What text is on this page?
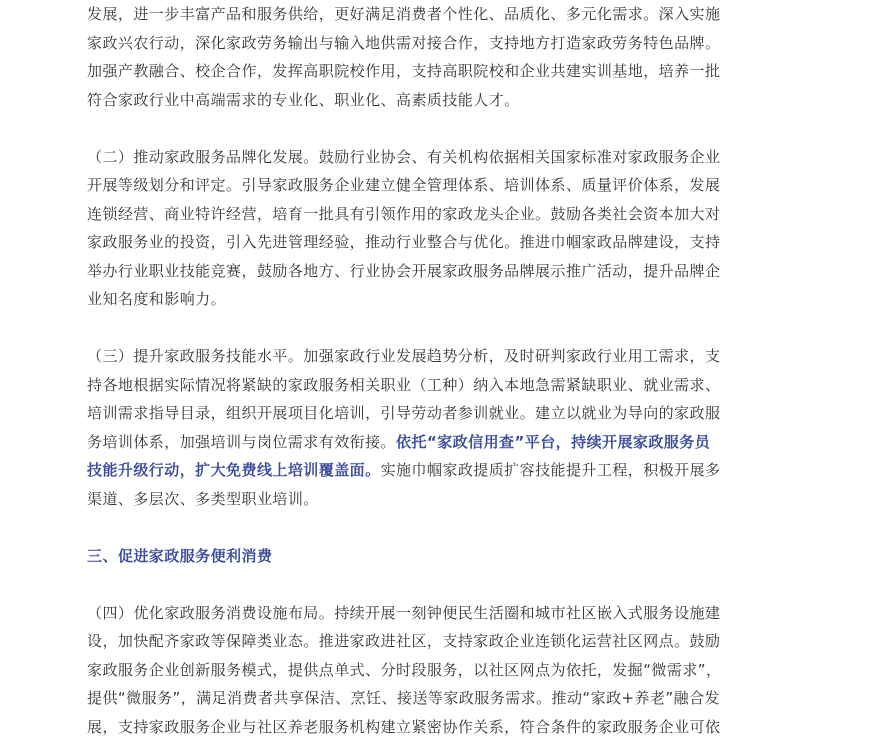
发展，进一步丰富产品和服务供给，更好满足消费者个性化、品质化、多元化需求。深入实施
家政兴农行动，深化家政劳务输出与输入地供需对接合作，支持地方打造家政劳务特色品牌。
加强产教融合、校企合作，发挥高职院校作用，支持高职院校和企业共建实训基地，培养一批
符合家政行业中高端需求的专业化、职业化、高素质技能人才。

（二）推动家政服务品牌化发展。鼓励行业协会、有关机构依据相关国家标准对家政服务企业
开展等级划分和评定。引导家政服务企业建立健全管理体系、培训体系、质量评价体系，发展
连锁经营、商业特许经营，培育一批具有引领作用的家政龙头企业。鼓励各类社会资本加大对
家政服务业的投资，引入先进管理经验，推动行业整合与优化。推进巾帼家政品牌建设，支持
举办行业职业技能竞赛，鼓励各地方、行业协会开展家政服务品牌展示推广活动，提升品牌企
业知名度和影响力。

（三）提升家政服务技能水平。加强家政行业发展趋势分析，及时研判家政行业用工需求，支
持各地根据实际情况将紧缺的家政服务相关职业（工种）纳入本地急需紧缺职业、就业需求、
培训需求指导目录，组织开展项目化培训，引导劳动者参训就业。建立以就业为导向的家政服
务培训体系，加强培训与岗位需求有效衔接。依托“家政信用查”平台，持续开展家政服务员
技能升级行动，扩大免费线上培训覆盖面。实施巾帼家政提质扩容技能提升工程，积极开展多
渠道、多层次、多类型职业培训。

三、促进家政服务便利消费

（四）优化家政服务消费设施布局。持续开展一刻钟便民生活圈和城市社区嵌入式服务设施建
设，加快配齐家政等保障类业态。推进家政进社区，支持家政企业连锁化运营社区网点。鼓励
家政服务企业创新服务模式，提供点单式、分时段服务，以社区网点为依托，发掘“微需求”，
提供“微服务”，满足消费者共享保洁、烹饪、接送等家政服务需求。推动“家政+养老”融合发
展，支持家政服务企业与社区养老服务机构建立紧密协作关系，符合条件的家政服务企业可依
